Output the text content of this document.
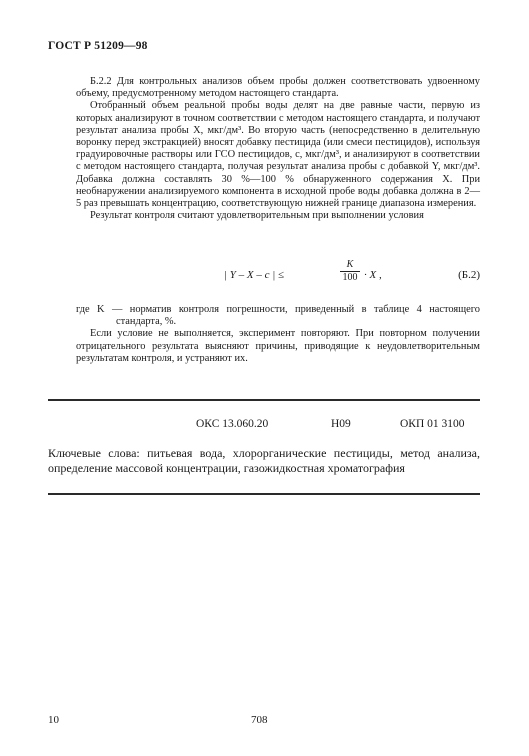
ГОСТ Р 51209—98

Б.2.2 Для контрольных анализов объем пробы должен соответствовать удвоенному объему, предусмотренному методом настоящего стандарта.

Отобранный объем реальной пробы воды делят на две равные части, первую из которых анализируют в точном соответствии с методом настоящего стандарта, и получают результат анализа пробы X, мкг/дм³. Во вторую часть (непосредственно в делительную воронку перед экстракцией) вносят добавку пестицида (или смеси пестицидов), используя градуировочные растворы или ГСО пестицидов, c, мкг/дм³, и анализируют в соответствии с методом настоящего стандарта, получая результат анализа пробы с добавкой Y, мкг/дм³. Добавка должна составлять 30 %—100 % обнаруженного содержания X. При необнаружении анализируемого компонента в исходной пробе воды добавка должна в 2—5 раз превышать концентрацию, соответствующую нижней границе диапазона измерения.

Результат контроля считают удовлетворительным при выполнении условия

| Y – X – c | ≤	$\frac{K}{100} \cdot X$ ,	(Б.2)

где K — норматив контроля погрешности, приведенный в таблице 4 настоящего стандарта, %.

Если условие не выполняется, эксперимент повторяют. При повторном получении отрицательного результата выясняют причины, приводящие к неудовлетворительным результатам контроля, и устраняют их.

ОКС 13.060.20	Н09	ОКП 01 3100

Ключевые слова: питьевая вода, хлорорганические пестициды, метод анализа, определение массовой концентрации, газожидкостная хроматография

10	708
